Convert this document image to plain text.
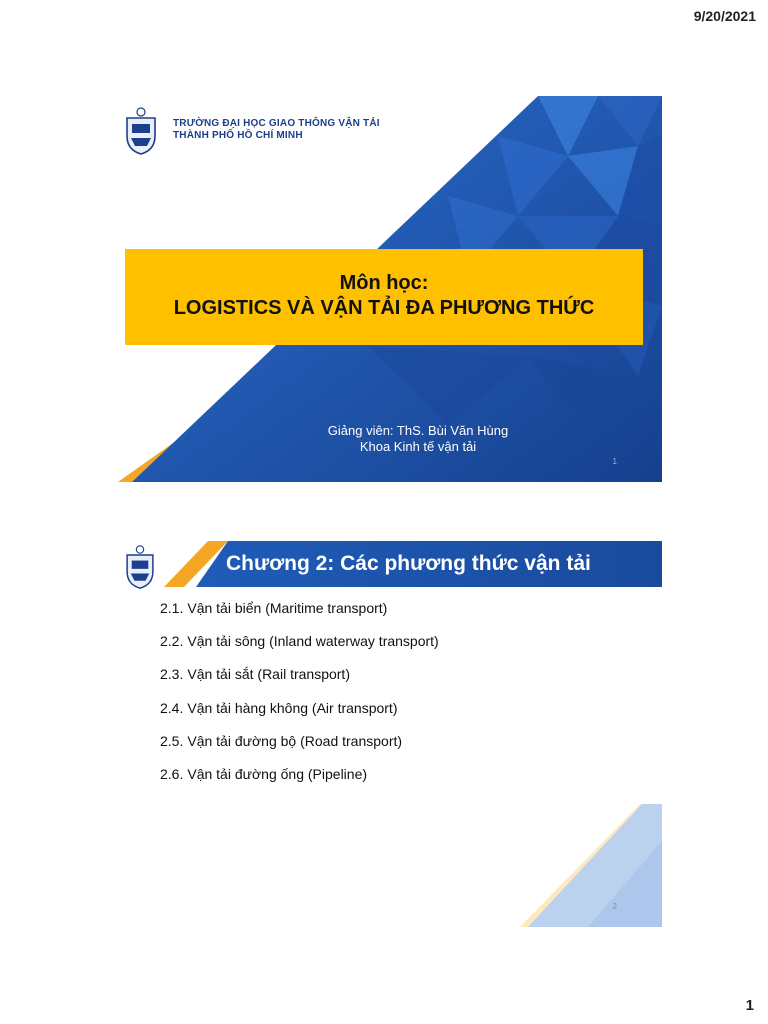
9/20/2021
TRƯỜNG ĐẠI HỌC GIAO THÔNG VẬN TẢI
THÀNH PHỐ HỒ CHÍ MINH
Môn học:
LOGISTICS VÀ VẬN TẢI ĐA PHƯƠNG THỨC
Giảng viên: ThS. Bùi Văn Hùng
Khoa Kinh tế vận tải
1
Chương 2: Các phương thức vận tải
2.1. Vận tải biển (Maritime transport)
2.2. Vận tải sông (Inland waterway transport)
2.3. Vận tải sắt (Rail transport)
2.4. Vận tải hàng không (Air transport)
2.5. Vận tải đường bộ (Road transport)
2.6. Vận tải đường ống (Pipeline)
2
1
